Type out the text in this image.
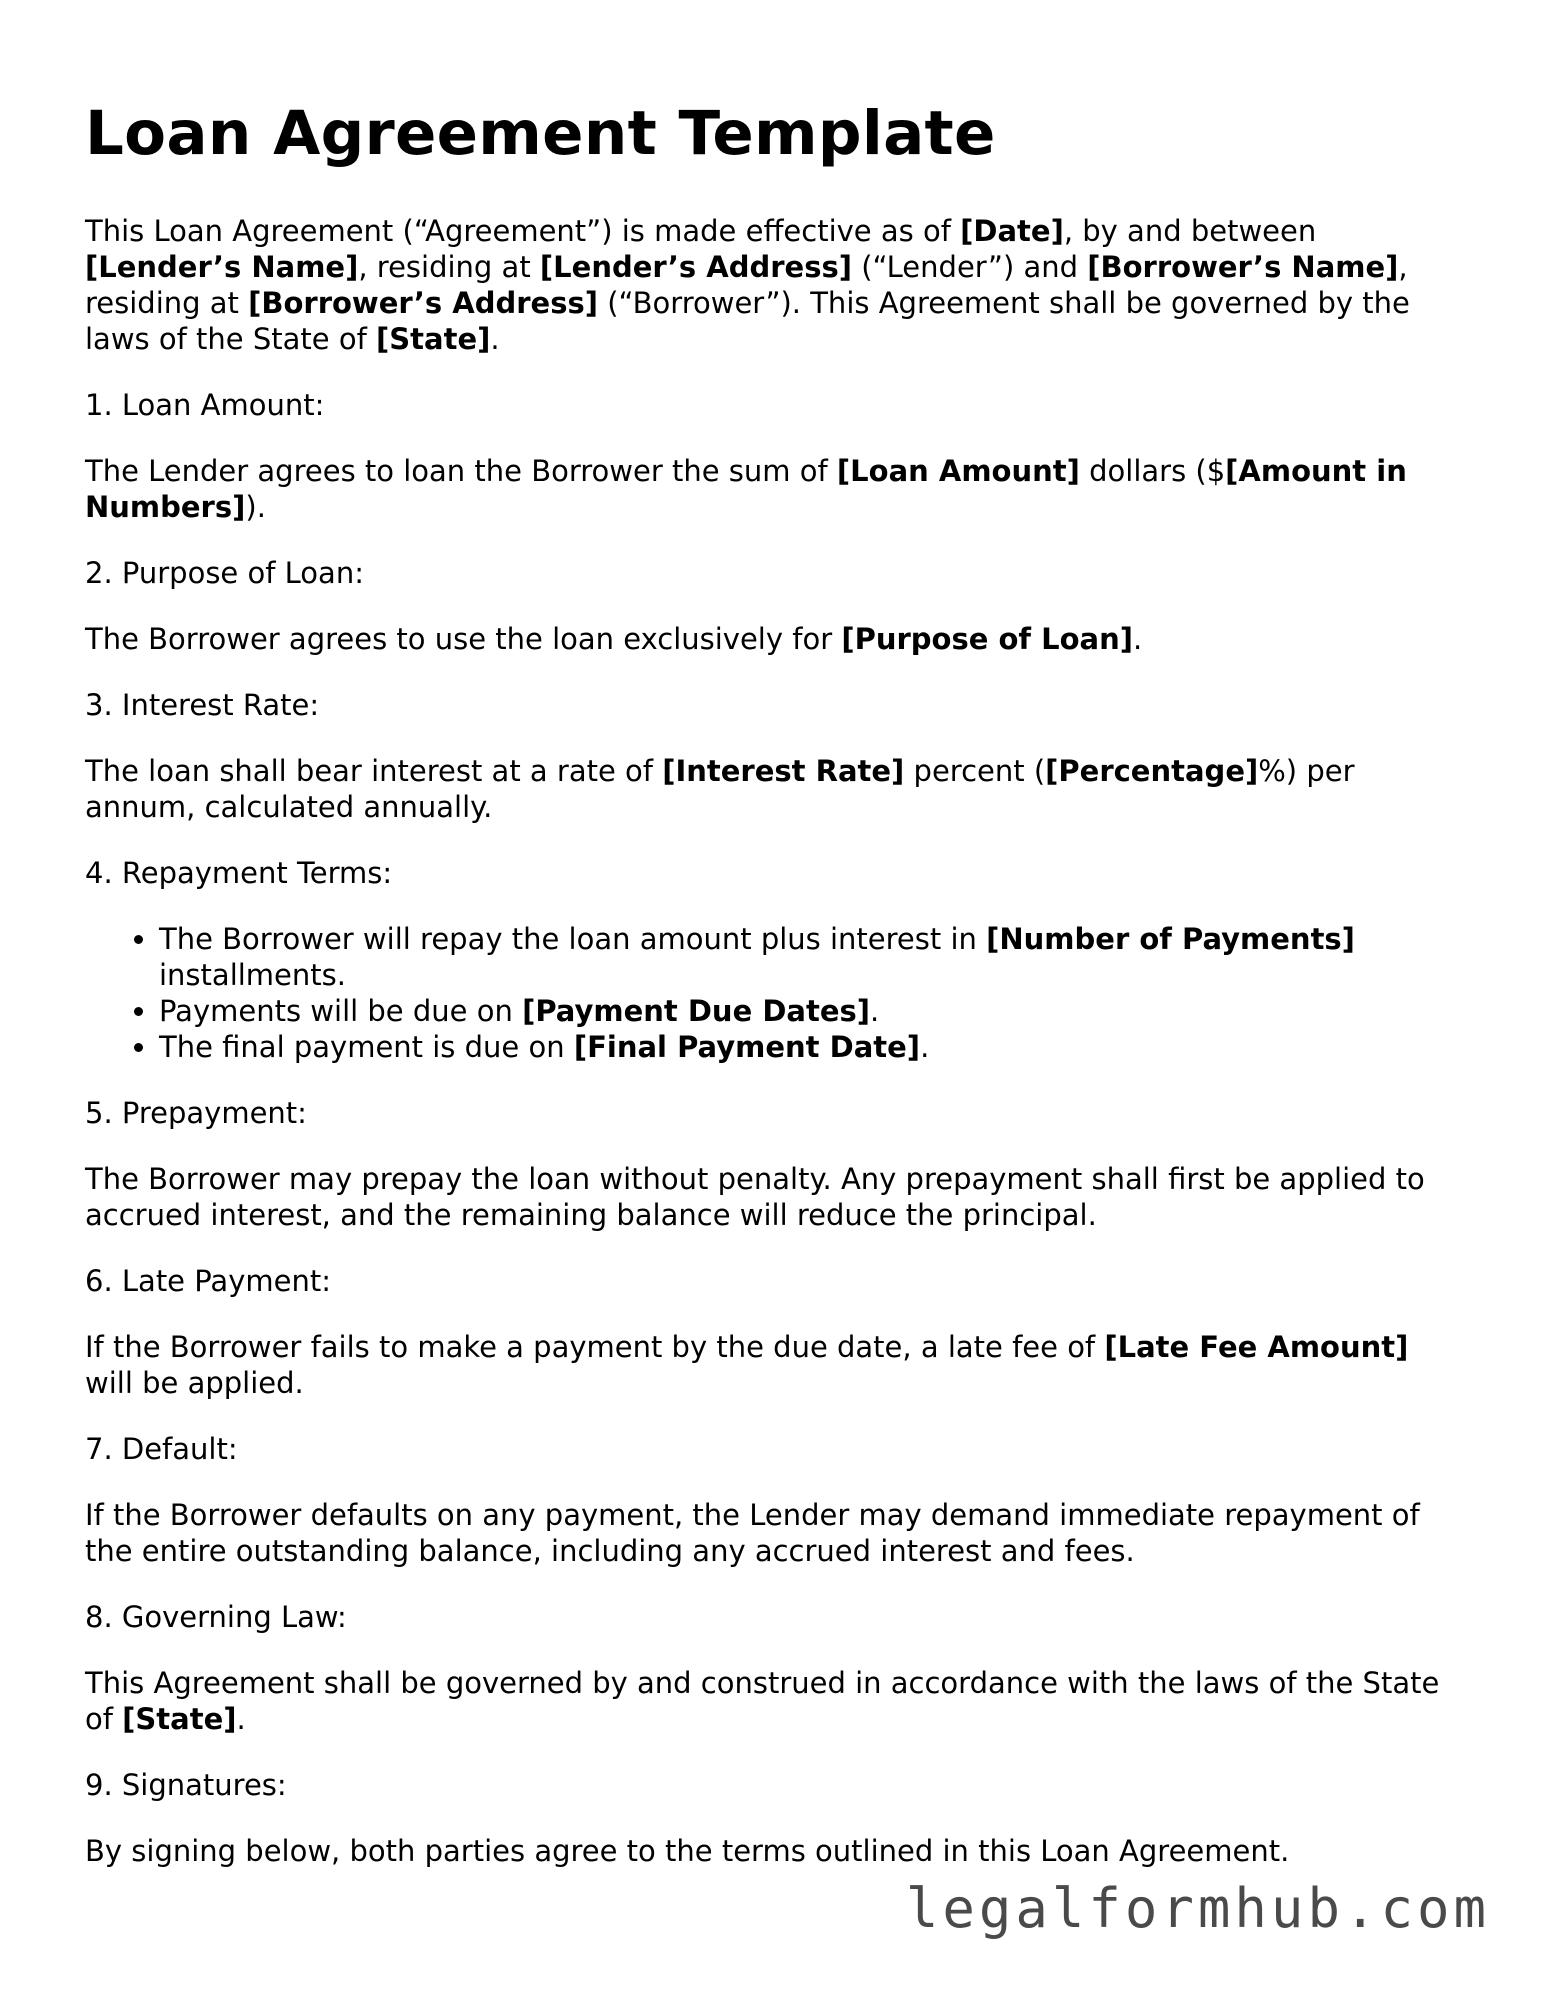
Loan Agreement Template

This Loan Agreement (“Agreement”) is made effective as of [Date], by and between [Lender’s Name], residing at [Lender’s Address] (“Lender”) and [Borrower’s Name], residing at [Borrower’s Address] (“Borrower”). This Agreement shall be governed by the laws of the State of [State].

1. Loan Amount:

The Lender agrees to loan the Borrower the sum of [Loan Amount] dollars ($[Amount in Numbers]).

2. Purpose of Loan:

The Borrower agrees to use the loan exclusively for [Purpose of Loan].

3. Interest Rate:

The loan shall bear interest at a rate of [Interest Rate] percent ([Percentage]%) per annum, calculated annually.

4. Repayment Terms:

• The Borrower will repay the loan amount plus interest in [Number of Payments] installments.
• Payments will be due on [Payment Due Dates].
• The final payment is due on [Final Payment Date].

5. Prepayment:

The Borrower may prepay the loan without penalty. Any prepayment shall first be applied to accrued interest, and the remaining balance will reduce the principal.

6. Late Payment:

If the Borrower fails to make a payment by the due date, a late fee of [Late Fee Amount] will be applied.

7. Default:

If the Borrower defaults on any payment, the Lender may demand immediate repayment of the entire outstanding balance, including any accrued interest and fees.

8. Governing Law:

This Agreement shall be governed by and construed in accordance with the laws of the State of [State].

9. Signatures:

By signing below, both parties agree to the terms outlined in this Loan Agreement.

legalformhub.com
